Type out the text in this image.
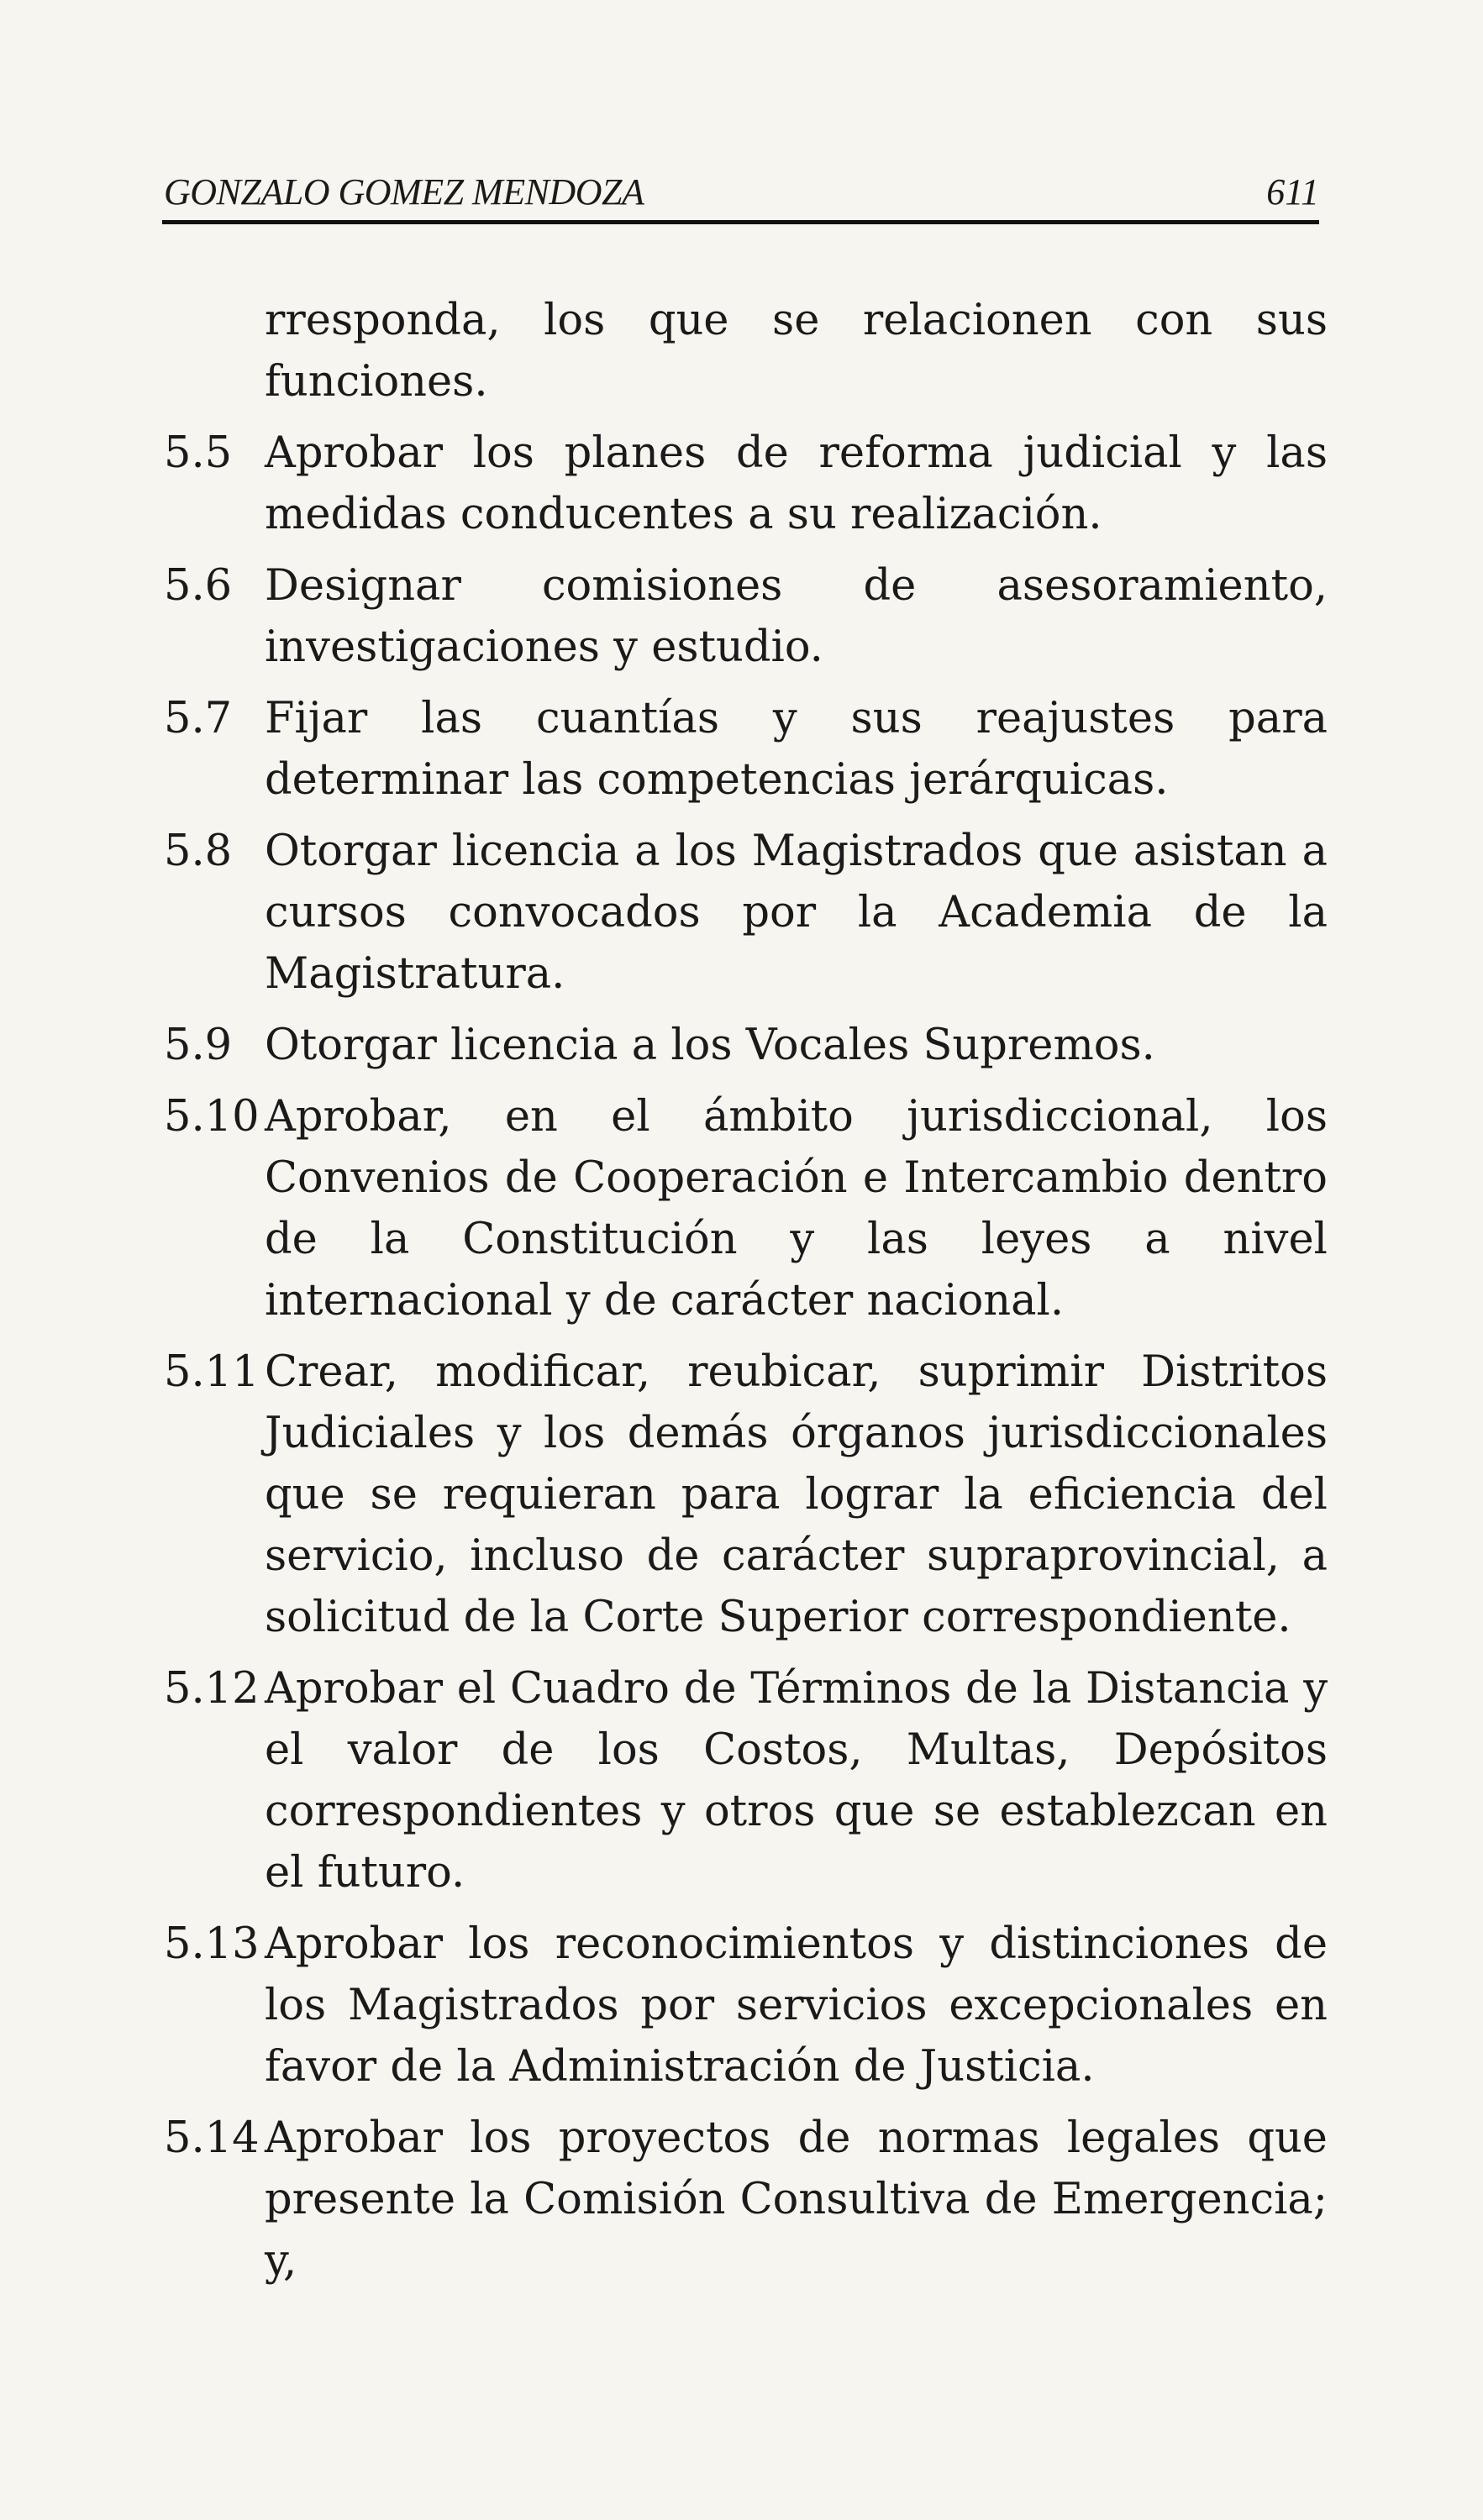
GONZALO GOMEZ MENDOZA	611
rresponda, los que se relacionen con sus funciones.
5.5 Aprobar los planes de reforma judicial y las medidas conducentes a su realización.
5.6 Designar comisiones de asesoramiento, investigaciones y estudio.
5.7 Fijar las cuantías y sus reajustes para determinar las competencias jerárquicas.
5.8 Otorgar licencia a los Magistrados que asistan a cursos convocados por la Academia de la Magistratura.
5.9 Otorgar licencia a los Vocales Supremos.
5.10 Aprobar, en el ámbito jurisdiccional, los Convenios de Cooperación e Intercambio dentro de la Constitución y las leyes a nivel internacional y de carácter nacional.
5.11 Crear, modificar, reubicar, suprimir Distritos Judiciales y los demás órganos jurisdiccionales que se requieran para lograr la eficiencia del servicio, incluso de carácter supraprovincial, a solicitud de la Corte Superior correspondiente.
5.12 Aprobar el Cuadro de Términos de la Distancia y el valor de los Costos, Multas, Depósitos correspondientes y otros que se establezcan en el futuro.
5.13 Aprobar los reconocimientos y distinciones de los Magistrados por servicios excepcionales en favor de la Administración de Justicia.
5.14 Aprobar los proyectos de normas legales que presente la Comisión Consultiva de Emergencia; y,
